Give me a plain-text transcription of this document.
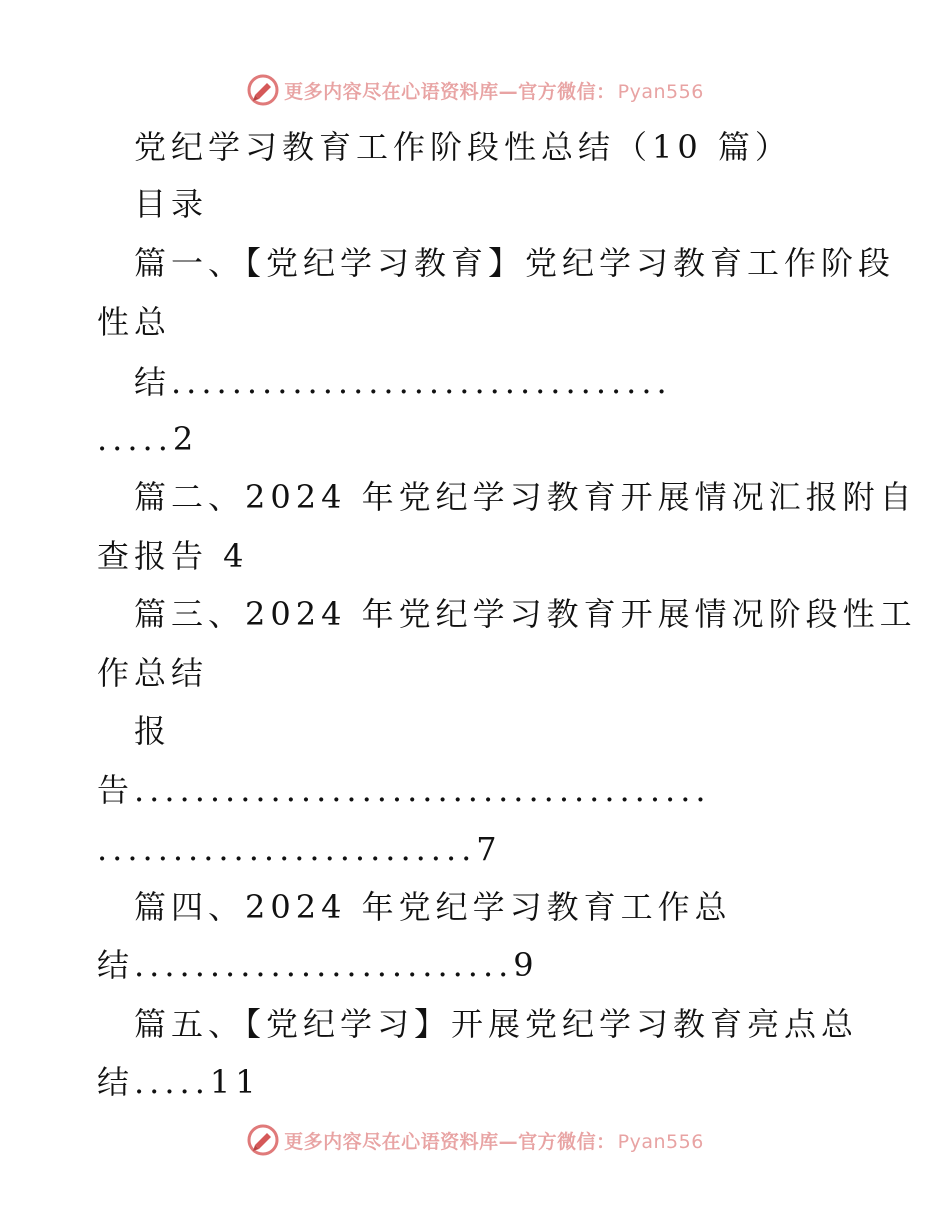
更多内容尽在心语资料库—官方微信： Pyan556
党纪学习教育工作阶段性总结（10 篇）
目录
篇一、【党纪学习教育】党纪学习教育工作阶段
性总
结.................................
.....2
篇二、2024 年党纪学习教育开展情况汇报附自
查报告 4
篇三、2024 年党纪学习教育开展情况阶段性工
作总结
报
告......................................
.........................7
篇四、2024 年党纪学习教育工作总
结.........................9
篇五、【党纪学习】开展党纪学习教育亮点总
结.....11
更多内容尽在心语资料库—官方微信： Pyan556
